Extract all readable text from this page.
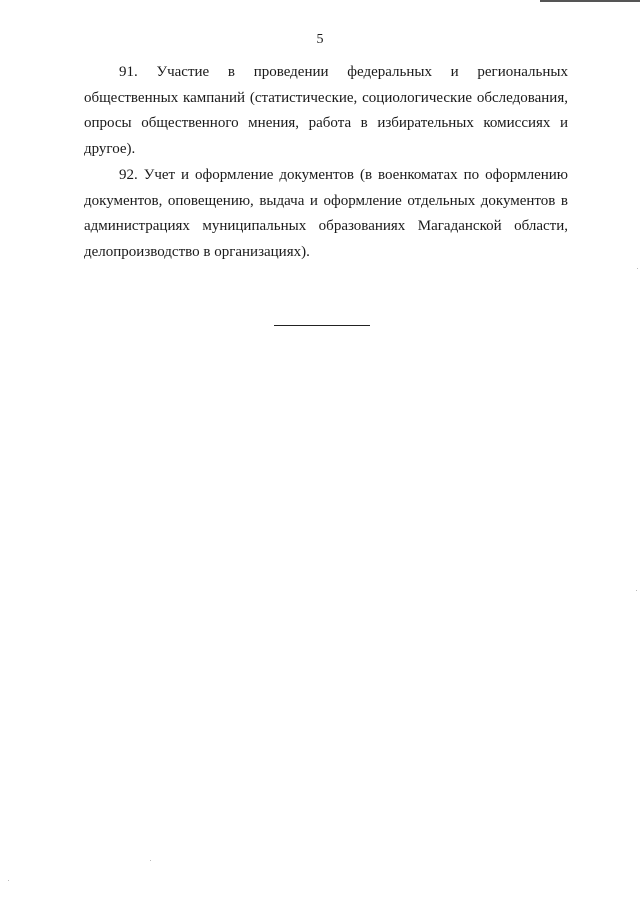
5

91. Участие в проведении федеральных и региональных общественных кампаний (статистические, социологические обследования, опросы общественного мнения, работа в избирательных комиссиях и другое).

92. Учет и оформление документов (в военкоматах по оформлению документов, оповещению, выдача и оформление отдельных документов в администрациях муниципальных образованиях Магаданской области, делопроизводство в организациях).
